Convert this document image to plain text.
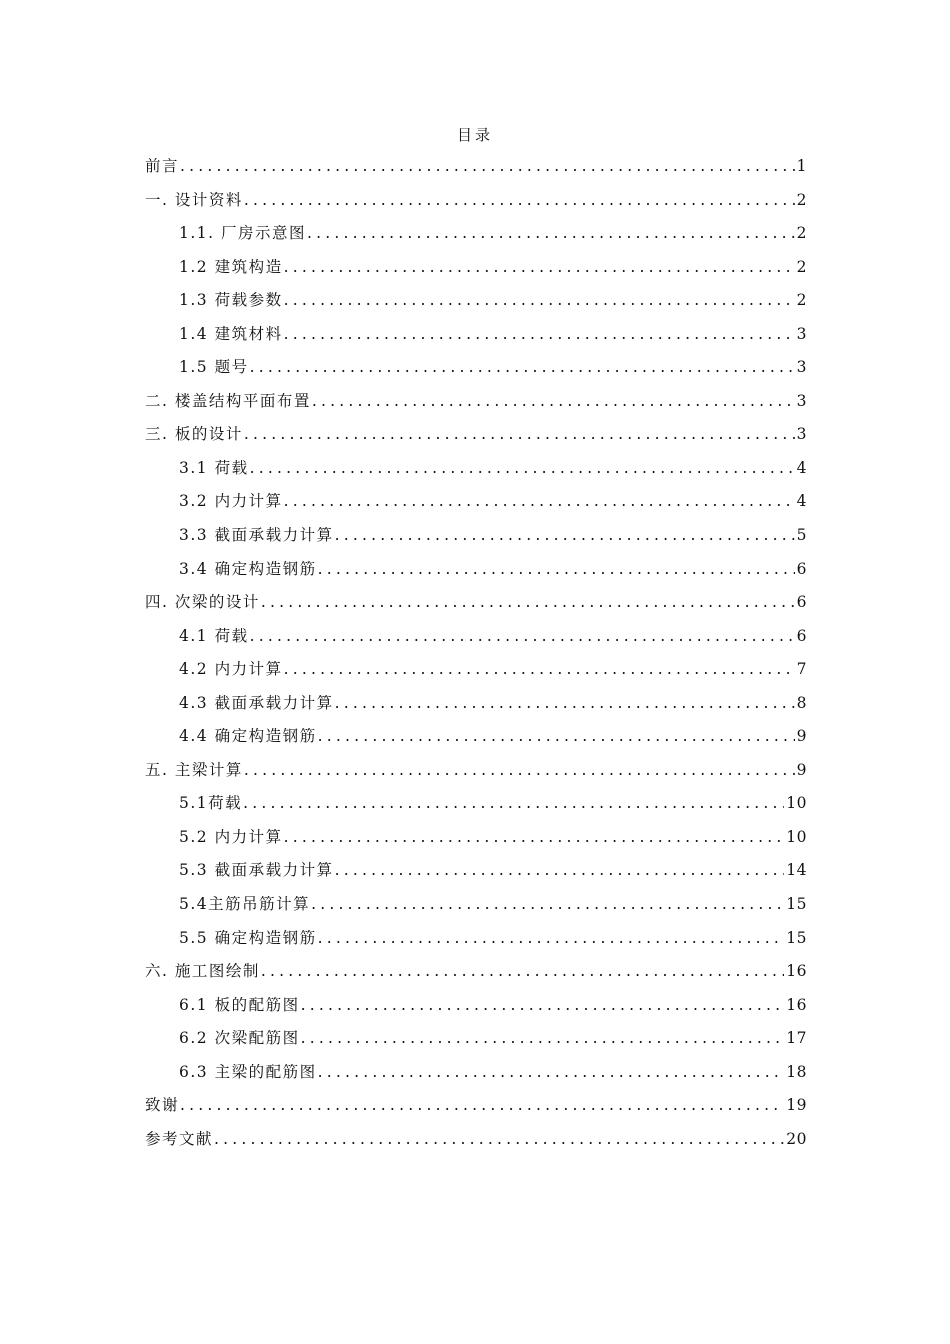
目录
前言 .....	1
一. 设计资料 .....	2
1.1. 厂房示意图 .....	2
1.2 建筑构造 .....	2
1.3 荷载参数 .....	2
1.4 建筑材料 .....	3
1.5 题号 .....	3
二. 楼盖结构平面布置 .....	3
三. 板的设计 .....	3
3.1 荷载 .....	4
3.2 内力计算 .....	4
3.3 截面承载力计算 .....	5
3.4 确定构造钢筋 .....	6
四. 次梁的设计 .....	6
4.1 荷载 .....	6
4.2 内力计算 .....	7
4.3 截面承载力计算 .....	8
4.4 确定构造钢筋 .....	9
五. 主梁计算 .....	9
5.1荷载 .....	10
5.2 内力计算 .....	10
5.3 截面承载力计算 .....	14
5.4主筋吊筋计算 .....	15
5.5 确定构造钢筋 .....	15
六. 施工图绘制 .....	16
6.1 板的配筋图 .....	16
6.2 次梁配筋图 .....	17
6.3 主梁的配筋图 .....	18
致谢 .....	19
参考文献 .....	20
